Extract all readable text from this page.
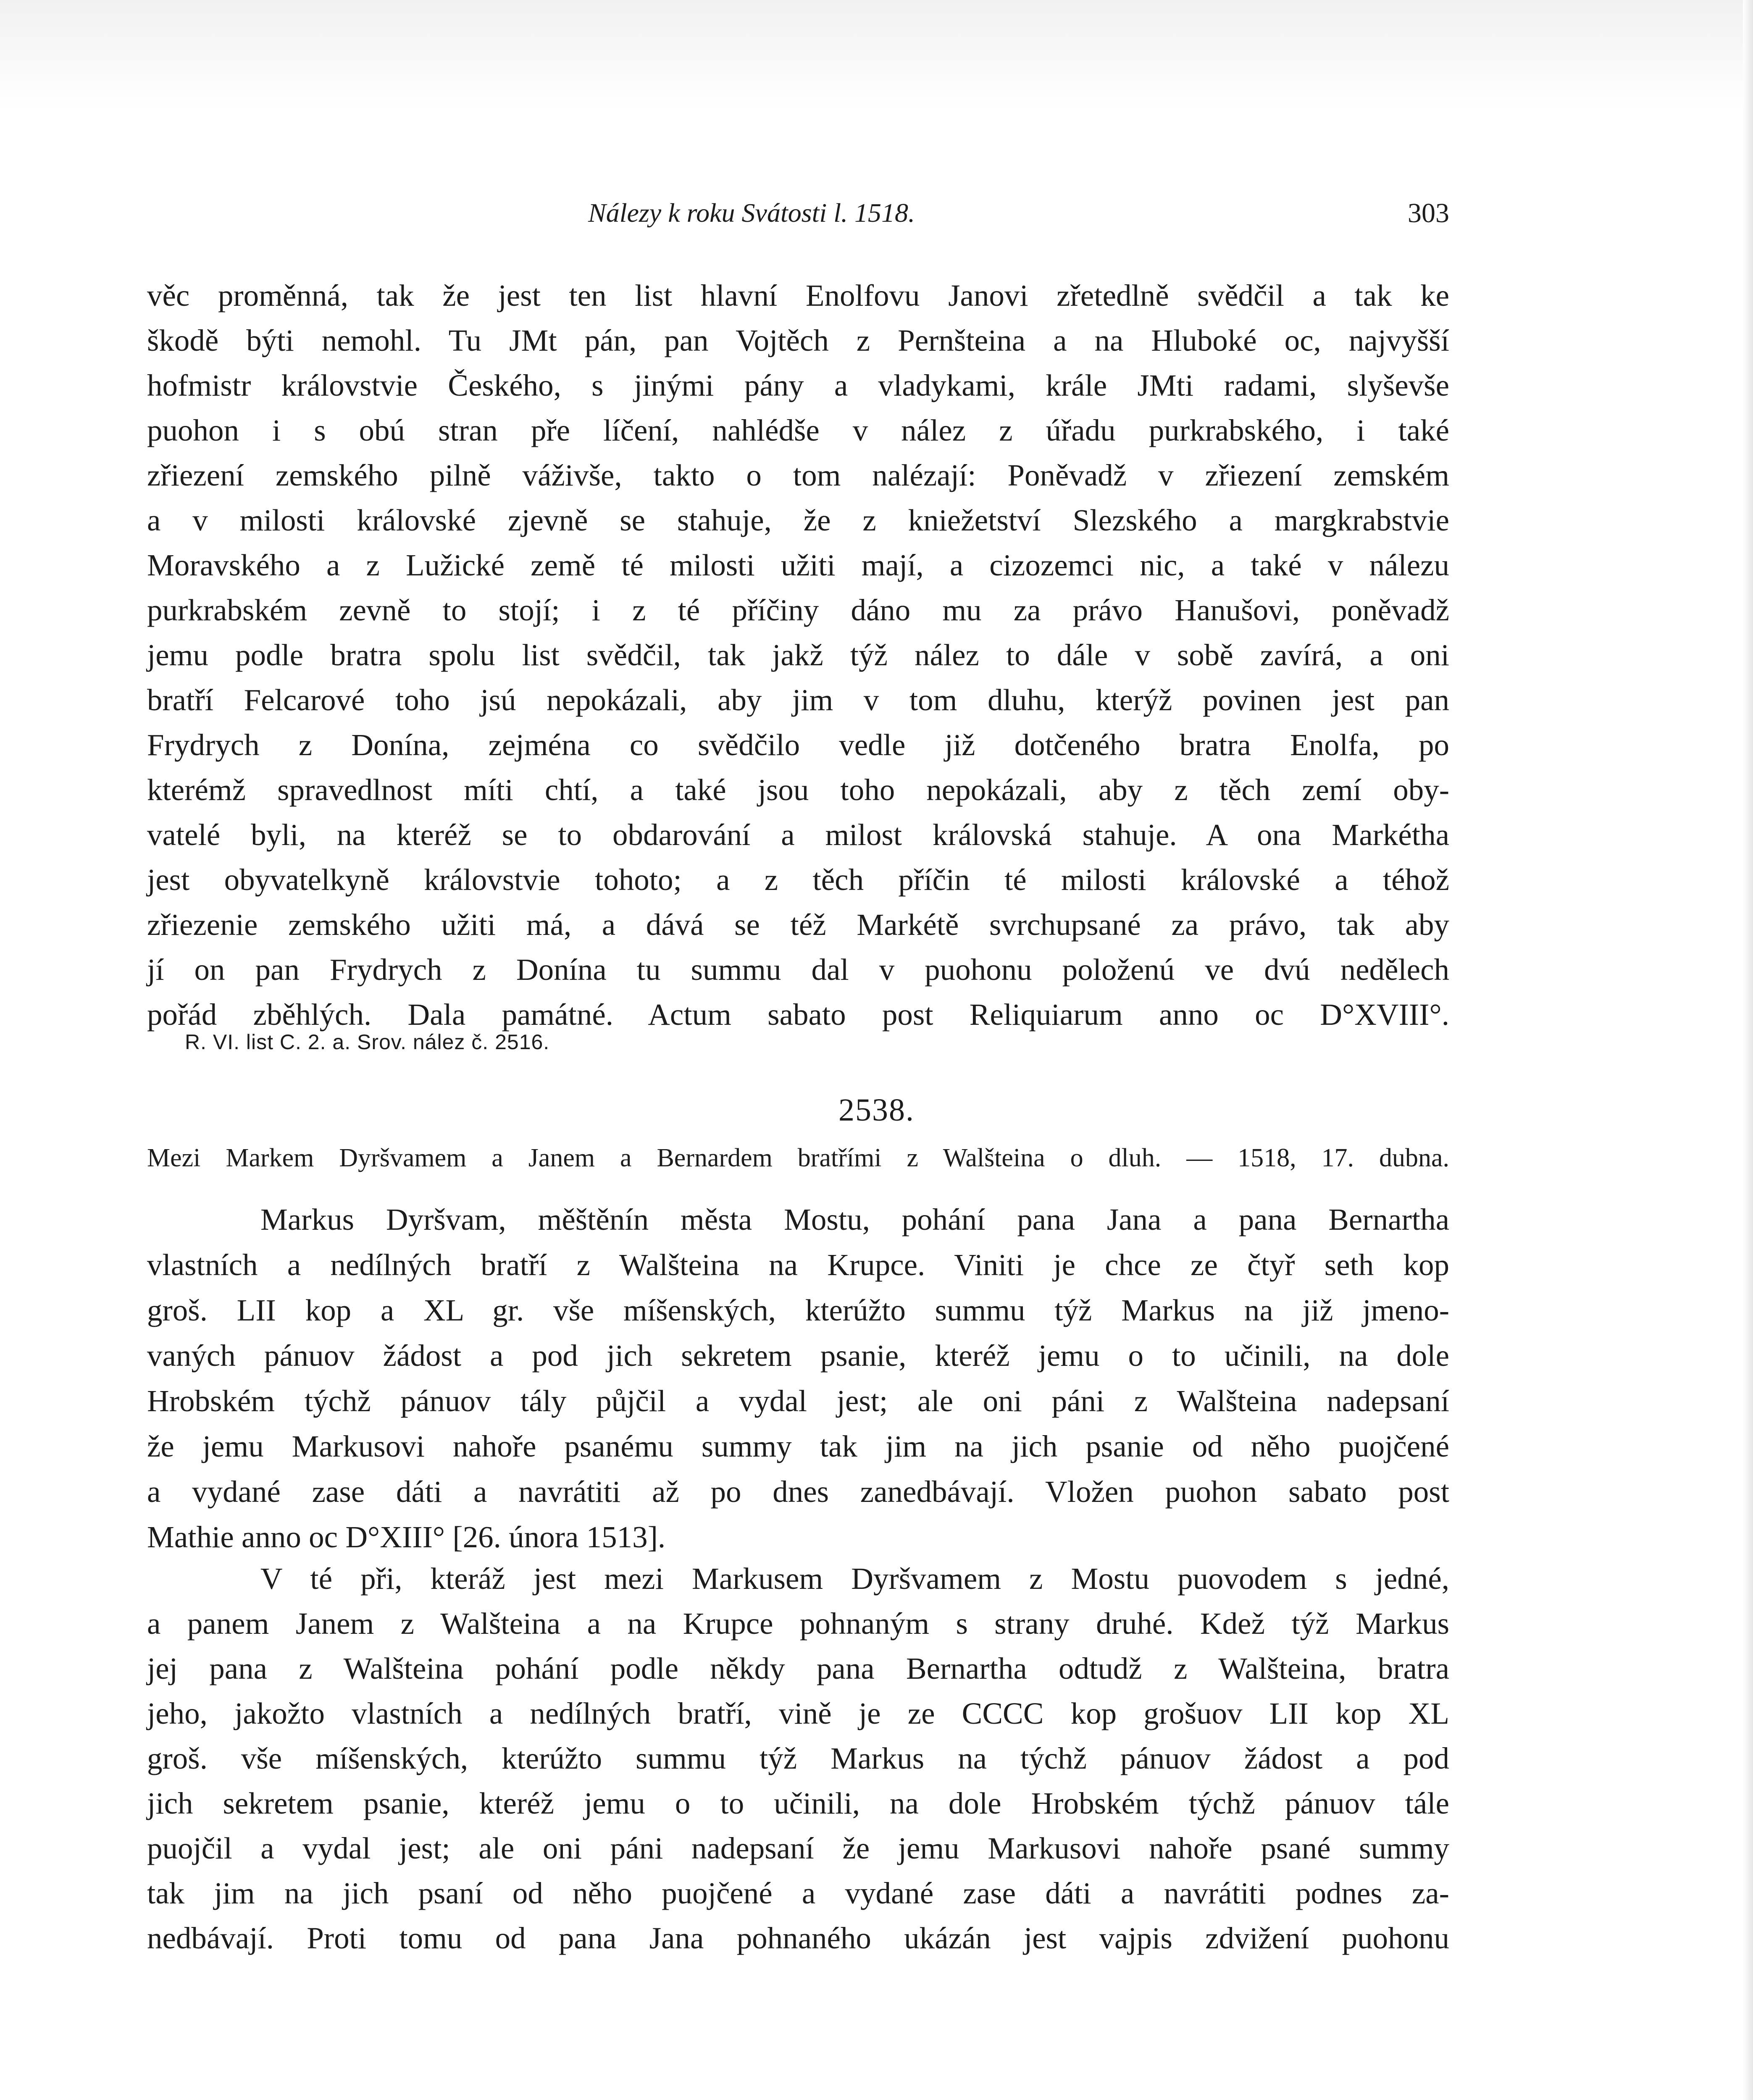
Nálezy k roku Svátosti l. 1518.	303
věc proměnná, tak že jest ten list hlavní Enolfovu Janovi zřetedlně svědčil a tak ke
škodě býti nemohl. Tu JMt pán, pan Vojtěch z Pernšteina a na Hluboké oc, najvyšší
hofmistr královstvie Českého, s jinými pány a vladykami, krále JMti radami, slyševše
puohon i s obú stran pře líčení, nahlédše v nález z úřadu purkrabského, i také
zřiezení zemského pilně váživše, takto o tom nalézají: Poněvadž v zřiezení zemském
a v milosti královské zjevně se stahuje, že z kniežetství Slezského a margkrabstvie
Moravského a z Lužické země té milosti užiti mají, a cizozemci nic, a také v nálezu
purkrabském zevně to stojí; i z té příčiny dáno mu za právo Hanušovi, poněvadž
jemu podle bratra spolu list svědčil, tak jakž týž nález to dále v sobě zavírá, a oni
bratří Felcarové toho jsú nepokázali, aby jim v tom dluhu, kterýž povinen jest pan
Frydrych z Donína, zejména co svědčilo vedle již dotčeného bratra Enolfa, po
kterémž spravedlnost míti chtí, a také jsou toho nepokázali, aby z těch zemí oby-
vatelé byli, na kteréž se to obdarování a milost královská stahuje. A ona Markétha
jest obyvatelkyně královstvie tohoto; a z těch příčin té milosti královské a téhož
zřiezenie zemského užiti má, a dává se též Markétě svrchupsané za právo, tak aby
jí on pan Frydrych z Donína tu summu dal v puohonu položenú ve dvú nedělech
pořád zběhlých. Dala památné. Actum sabato post Reliquiarum anno oc D°XVIII°.
R. VI. list C. 2. a. Srov. nález č. 2516.
2538.
Mezi Markem Dyršvamem a Janem a Bernardem bratřími z Walšteina o dluh. — 1518, 17. dubna.
Markus Dyršvam, měštěnín města Mostu, pohání pana Jana a pana Bernartha
vlastních a nedílných bratří z Walšteina na Krupce. Viniti je chce ze čtyř seth kop
groš. LII kop a XL gr. vše míšenských, kterúžto summu týž Markus na již jmeno-
vaných pánuov žádost a pod jich sekretem psanie, kteréž jemu o to učinili, na dole
Hrobském týchž pánuov tály půjčil a vydal jest; ale oni páni z Walšteina nadepsaní
že jemu Markusovi nahoře psanému summy tak jim na jich psanie od něho puojčené
a vydané zase dáti a navrátiti až po dnes zanedbávají. Vložen puohon sabato post
Mathie anno oc D°XIII° [26. února 1513].
V té při, kteráž jest mezi Markusem Dyršvamem z Mostu puovodem s jedné,
a panem Janem z Walšteina a na Krupce pohnaným s strany druhé. Kdež týž Markus
jej pana z Walšteina pohání podle někdy pana Bernartha odtudž z Walšteina, bratra
jeho, jakožto vlastních a nedílných bratří, vině je ze CCCC kop grošuov LII kop XL
groš. vše míšenských, kterúžto summu týž Markus na týchž pánuov žádost a pod
jich sekretem psanie, kteréž jemu o to učinili, na dole Hrobském týchž pánuov tále
puojčil a vydal jest; ale oni páni nadepsaní že jemu Markusovi nahoře psané summy
tak jim na jich psaní od něho puojčené a vydané zase dáti a navrátiti podnes za-
nedbávají. Proti tomu od pana Jana pohnaného ukázán jest vajpis zdvižení puohonu
